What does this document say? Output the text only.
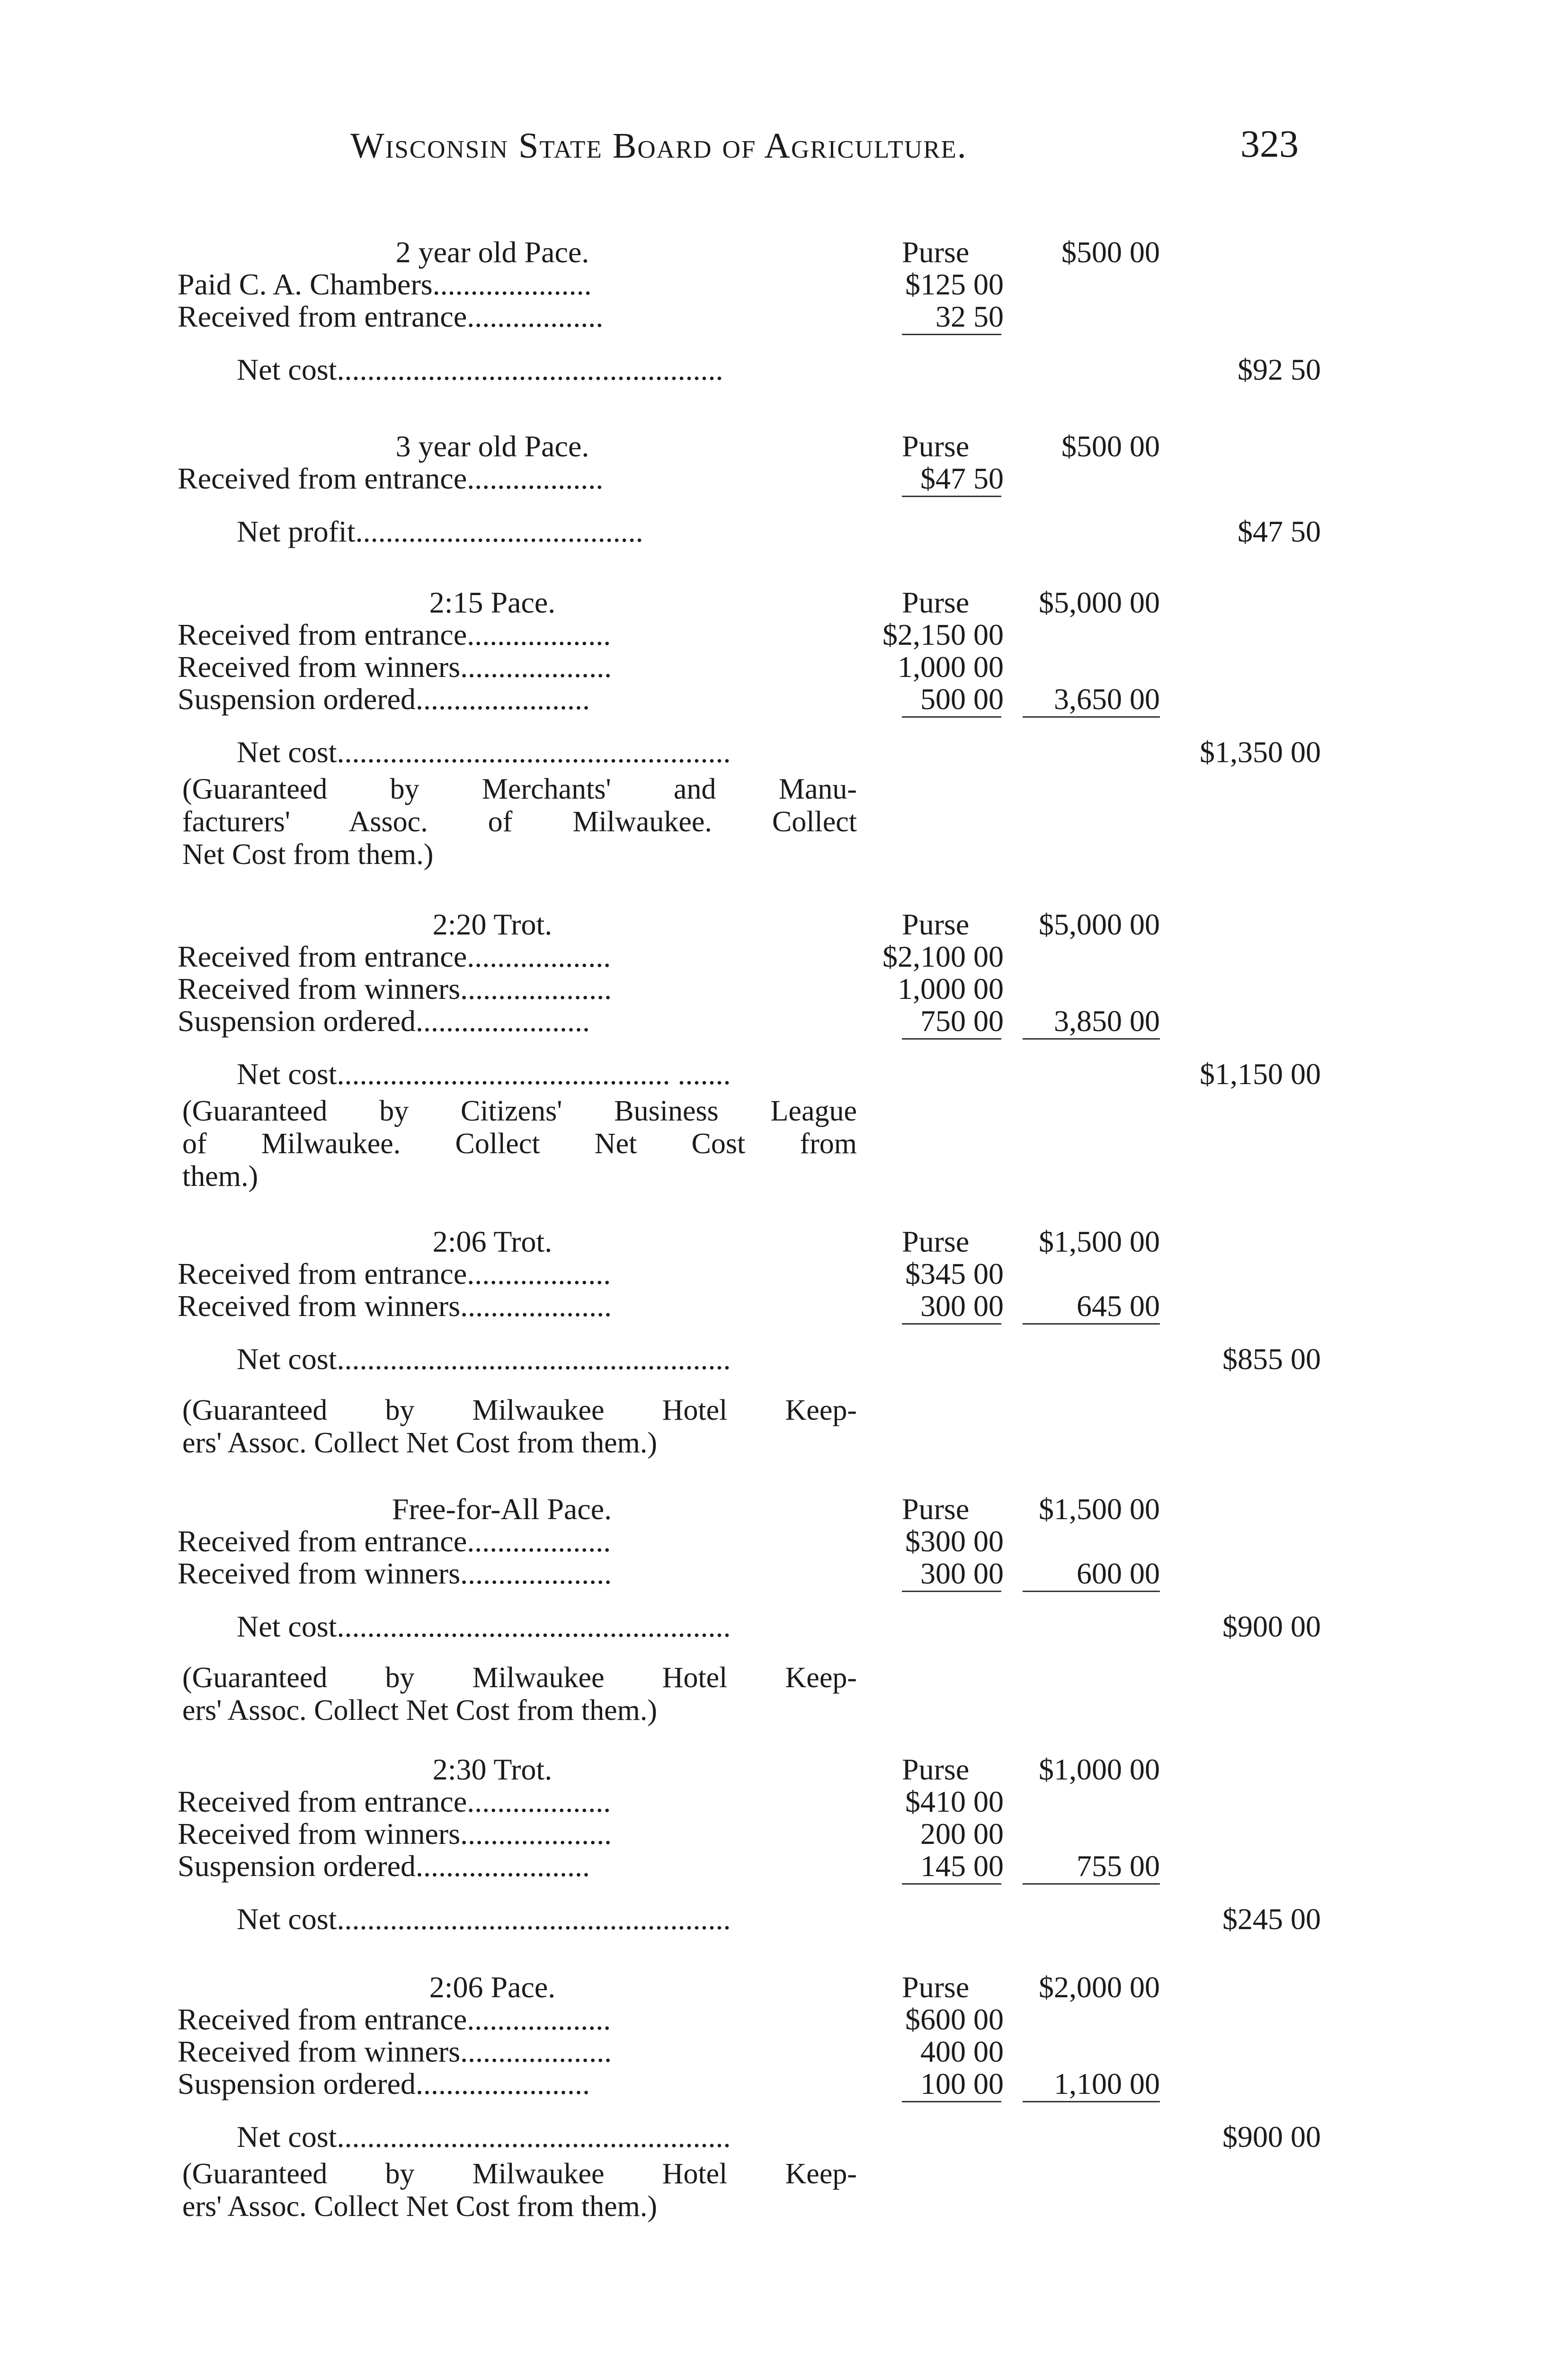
Wisconsin State Board of Agriculture.	323
2 year old Pace.	Purse	$500 00
Paid C. A. Chambers.....................	$125 00
Received from entrance..................	32 50
Net cost...................................................	$92 50
3 year old Pace.	Purse	$500 00
Received from entrance..................	$47 50
Net profit......................................	$47 50
2:15 Pace.	Purse	$5,000 00
Received from entrance...................	$2,150 00
Received from winners....................	1,000 00
Suspension ordered.......................	500 00	3,650 00
Net cost....................................................	$1,350 00
(Guaranteed by Merchants' and Manu-
facturers' Assoc. of Milwaukee. Collect
Net Cost from them.)
2:20 Trot.	Purse	$5,000 00
Received from entrance...................	$2,100 00
Received from winners....................	1,000 00
Suspension ordered.......................	750 00	3,850 00
Net cost............................................ .......	$1,150 00
(Guaranteed by Citizens' Business League
of Milwaukee. Collect Net Cost from
them.)
2:06 Trot.	Purse	$1,500 00
Received from entrance...................	$345 00
Received from winners....................	300 00	645 00
Net cost....................................................	$855 00
(Guaranteed by Milwaukee Hotel Keep-
ers' Assoc. Collect Net Cost from them.)
Free-for-All Pace.	Purse	$1,500 00
Received from entrance...................	$300 00
Received from winners....................	300 00	600 00
Net cost....................................................	$900 00
(Guaranteed by Milwaukee Hotel Keep-
ers' Assoc. Collect Net Cost from them.)
2:30 Trot.	Purse	$1,000 00
Received from entrance...................	$410 00
Received from winners....................	200 00
Suspension ordered.......................	145 00	755 00
Net cost....................................................	$245 00
2:06 Pace.	Purse	$2,000 00
Received from entrance...................	$600 00
Received from winners....................	400 00
Suspension ordered.......................	100 00	1,100 00
Net cost....................................................	$900 00
(Guaranteed by Milwaukee Hotel Keep-
ers' Assoc. Collect Net Cost from them.)
